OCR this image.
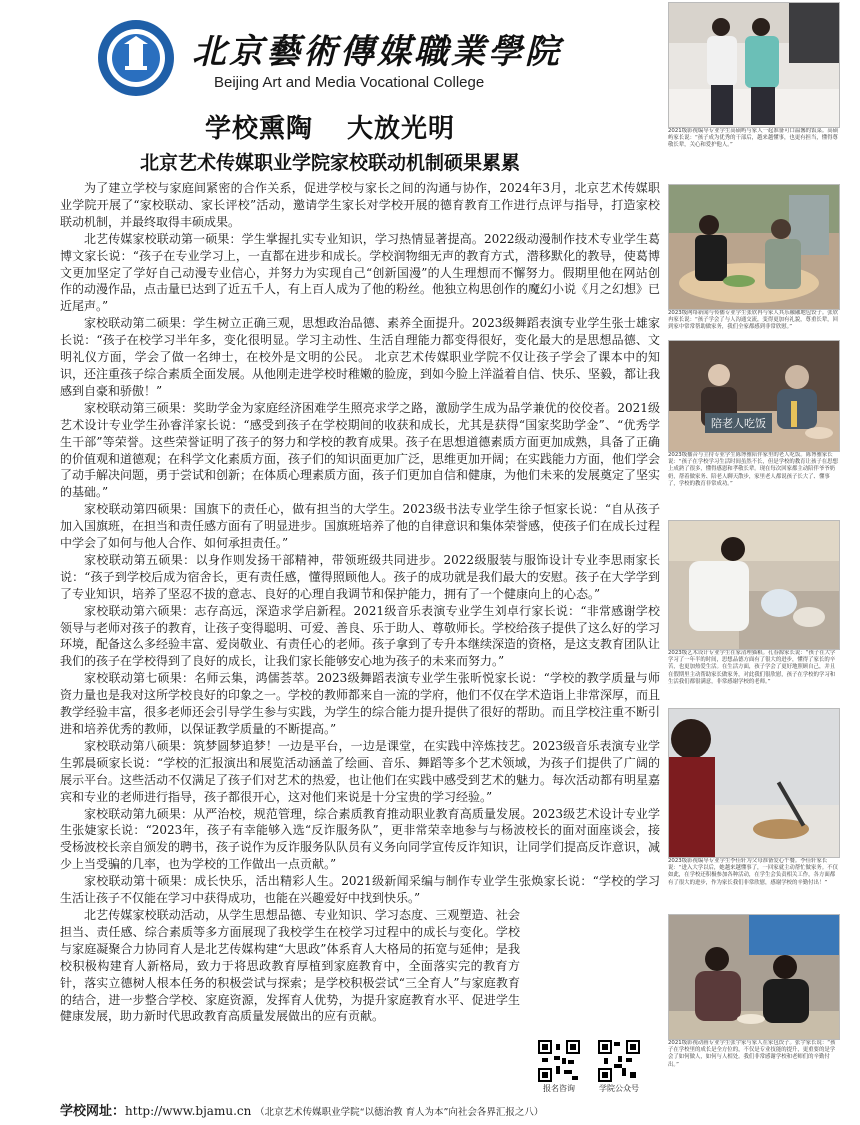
北京藝術傳媒職業學院
Beijing Art and Media Vocational College
学校熏陶 大放光明
北京艺术传媒职业学院家校联动机制硕果累累

为了建立学校与家庭间紧密的合作关系，促进学校与家长之间的沟通与协作，2024年3月，北京艺术传媒职业学院开展了“家校联动、家长评校”活动，邀请学生家长对学校开展的德育教育工作进行点评与指导，打造家校联动机制，并最终取得丰硕成果。

北艺传媒家校联动第一硕果：学生掌握扎实专业知识，学习热情显著提高。2022级动漫制作技术专业学生葛博文家长说：“孩子在专业学习上，一直都在进步和成长。学校润物细无声的教育方式，潜移默化的教导，使葛博文更加坚定了学好自己动漫专业信心，并努力为实现自己“创新国漫”的人生理想而不懈努力。假期里他在网站创作的动漫作品，点击量已达到了近五千人，有上百人成为了他的粉丝。他独立构思创作的魔幻小说《月之幻想》已近尾声。”

家校联动第二硕果：学生树立正确三观，思想政治品德、素养全面提升。2023级舞蹈表演专业学生张士雄家长说：“孩子在校学习半年多，变化很明显。学习主动性、生活自理能力都变得很好，变化最大的是思想品德、文明礼仪方面，学会了做一名绅士，在校外是文明的公民。 北京艺术传媒职业学院不仅让孩子学会了课本中的知识，还注重孩子综合素质全面发展。从他刚走进学校时稚嫩的脸庞，到如今脸上洋溢着自信、快乐、坚毅，都让我感到自豪和骄傲！”

家校联动第三硕果：奖助学金为家庭经济困难学生照亮求学之路，激励学生成为品学兼优的佼佼者。2021级艺术设计专业学生孙睿洋家长说：“感受到孩子在学校期间的收获和成长，尤其是获得“国家奖助学金”、“优秀学生干部”等荣誉。这些荣誉证明了孩子的努力和学校的教育成果。孩子在思想道德素质方面更加成熟，具备了正确的价值观和道德观；在科学文化素质方面，孩子们的知识面更加广泛，思维更加开阔；在实践能力方面，他们学会了动手解决问题，勇于尝试和创新；在体质心理素质方面，孩子们更加自信和健康，为他们未来的发展奠定了坚实的基础。”

家校联动第四硕果：国旗下的责任心，做有担当的大学生。2023级书法专业学生徐子恒家长说：“自从孩子加入国旗班，在担当和责任感方面有了明显进步。国旗班培养了他的自律意识和集体荣誉感，使孩子们在成长过程中学会了如何与他人合作、如何承担责任。”

家校联动第五硕果：以身作则发扬干部精神，带领班级共同进步。2022级服装与服饰设计专业李思雨家长说：“孩子到学校后成为宿舍长，更有责任感，懂得照顾他人。孩子的成功就是我们最大的安慰。孩子在大学学到了专业知识，培养了坚忍不拔的意志、良好的心理自我调节和保护能力，拥有了一个健康向上的心态。”

家校联动第六硕果：志存高远，深造求学启新程。2021级音乐表演专业学生刘卓行家长说：“非常感谢学校领导与老师对孩子的教育，让孩子变得聪明、可爱、善良、乐于助人、尊敬师长。学校给孩子提供了这么好的学习环境，配备这么多经验丰富、爱岗敬业、有责任心的老师。孩子拿到了专升本继续深造的资格，是这支教育团队让我们的孩子在学校得到了良好的成长，让我们家长能够安心地为孩子的未来而努力。”

家校联动第七硕果：名师云集，鸿儒荟萃。2023级舞蹈表演专业学生张昕悦家长说：“学校的教学质量与师资力量也是我对这所学校良好的印象之一。学校的教师都来自一流的学府，他们不仅在学术造诣上非常深厚，而且教学经验丰富，很多老师还会引导学生参与实践，为学生的综合能力提升提供了很好的帮助。而且学校注重不断引进和培养优秀的教师，以保证教学质量的不断提高。”

家校联动第八硕果：筑梦圆梦追梦！一边是平台，一边是课堂，在实践中淬炼技艺。2023级音乐表演专业学生郭晨硕家长说：“学校的汇报演出和展览活动涵盖了绘画、音乐、舞蹈等多个艺术领域，为孩子们提供了广阔的展示平台。这些活动不仅满足了孩子们对艺术的热爱，也让他们在实践中感受到艺术的魅力。每次活动都有明星嘉宾和专业的老师进行指导，孩子都很开心，这对他们来说是十分宝贵的学习经验。”

家校联动第九硕果：从严治校，规范管理，综合素质教育推动职业教育高质量发展。2023级艺术设计专业学生张婕家长说：“2023年，孩子有幸能够入选“反诈服务队”，更非常荣幸地参与与杨波校长的面对面座谈会，接受杨波校长亲自颁发的聘书，孩子说作为反诈服务队队员有义务向同学宣传反诈知识，让同学们提高反诈意识，减少上当受骗的几率，也为学校的工作做出一点贡献。”

家校联动第十硕果：成长快乐，活出精彩人生。2021级新闻采编与制作专业学生张焕家长说：“学校的学习生活让孩子不仅能在学习中获得成功，也能在兴趣爱好中找到快乐。”

北艺传媒家校联动活动，从学生思想品德、专业知识、学习态度、三观塑造、社会担当、责任感、综合素质等多方面展现了我校学生在校学习过程中的成长与变化。学校与家庭凝聚合力协同育人是北艺传媒构建“大思政”体系育人大格局的拓宽与延伸；是我校积极构建育人新格局，致力于将思政教育厚植到家庭教育中，全面落实完的教育方针，落实立德树人根本任务的积极尝试与探索；是学校积极尝试“三全育人”与家庭教育的结合，进一步整合学校、家庭资源，发挥育人优势，为提升家庭教育水平、促进学生健康发展，助力新时代思政教育高质量发展做出的应有贡献。

报名咨询	学院公众号
学校网址：http://www.bjamu.cn （北京艺术传媒职业学院“以德治教 育人为本”向社会各界汇报之八）
2021级影视编导专业学生高硕屿与家人一起准备可口温馨的饭菜。高硕屿家长说：“孩子成为优秀的干部后，越来越懂事，也更有担当，懂得尊敬长辈，关心和爱护他人。”
2023级网络新闻与传播专业学生张欣冉与家人其乐融融地包饺子。张欣冉家长说：“孩子学会了与人沟通交流，变得更加有礼貌，尊重长辈，回到家中常常帮助做家务，我们全家都感到非常欣慰。”
陪老人吃饭
2023级播音与主持专业学生陈博雅陪伴家里的老人吃饭。陈博雅家长说：“孩子在学校学习生活时间虽然不长，但是学校的教育让孩子在思想上成熟了很多，懂得感恩和孝敬长辈。现在每次回家都主动陪伴爷爷奶奶，帮着做家务、陪老人聊天散步，家里老人都说孩子长大了、懂事了，学校的教育非常成功。”
2023级艺术设计专业学生在家清理猫粮。孔春源家长说：“孩子在大学学习了一年半的时间，思想品德方面有了很大的进步，懂得了家长的辛苦，也更加热爱生活。在生活方面，孩子学会了更好地照顾自己，并且在假期里主动帮助家长做家务，对此我们很欣慰，孩子在学校的学习和生活我们都很满意，非常感谢学校的老师。”
2023级影视编导专业学生李佳轩为父母准备爱心午餐。李佳轩家长说：“进入大学以后，她越来越懂事了，一回家就主动帮忙做家务。不仅如此，在学校还积极参加各种活动，在学生会负责相关工作，各方面都有了很大的进步，作为家长我们非常欣慰，感谢学校的辛勤付出！”
2021级影视动画专业学生张宇家与家人在家包饺子。张宇家长说：“孩子在学校里的成长是全方位的，不仅是专业技能的提升，更重要的是学会了如何做人，如何与人相处。我们非常感谢学校和老师们的辛勤付出。”
